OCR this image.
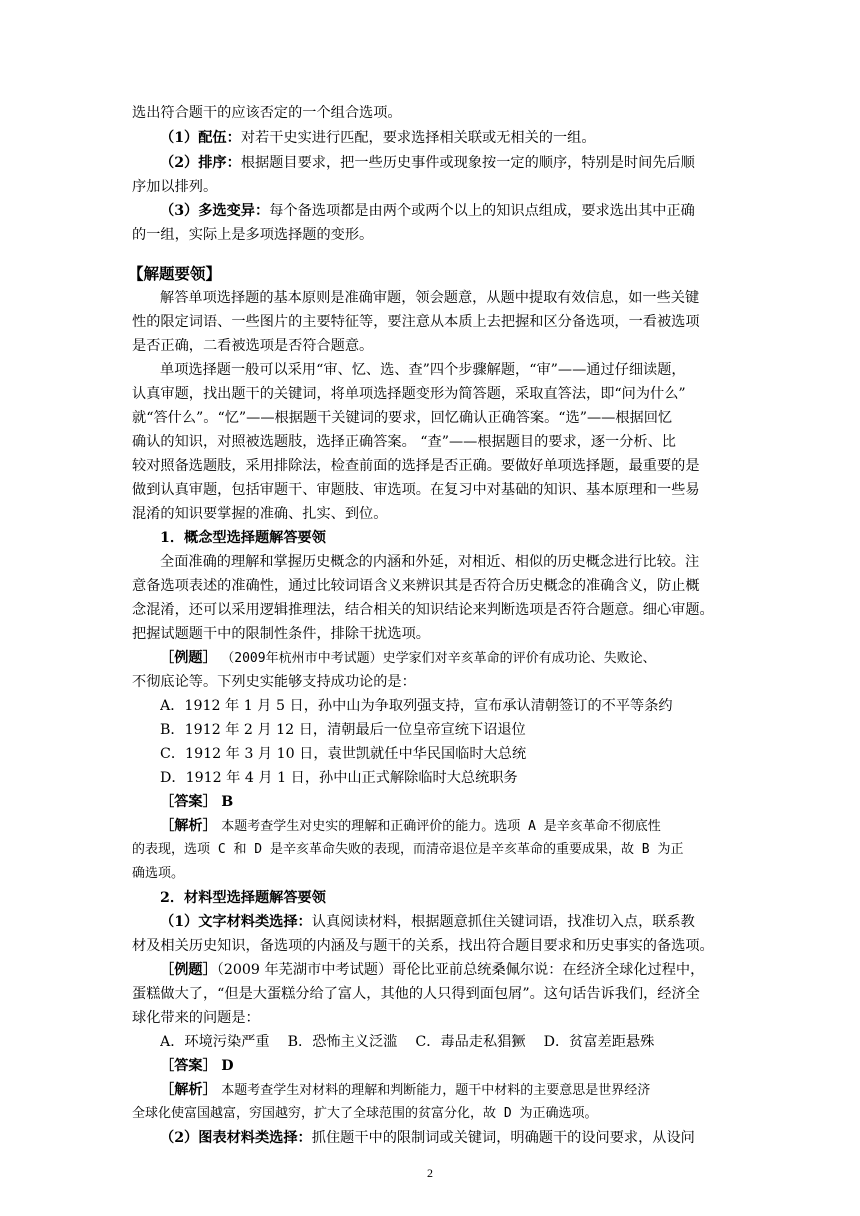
选出符合题干的应该否定的一个组合选项。
（1）配伍：对若干史实进行匹配，要求选择相关联或无相关的一组。
（2）排序：根据题目要求，把一些历史事件或现象按一定的顺序，特别是时间先后顺
序加以排列。
（3）多选变异：每个备选项都是由两个或两个以上的知识点组成，要求选出其中正确
的一组，实际上是多项选择题的变形。
【解题要领】
解答单项选择题的基本原则是准确审题，领会题意，从题中提取有效信息，如一些关键
性的限定词语、一些图片的主要特征等，要注意从本质上去把握和区分备选项，一看被选项
是否正确，二看被选项是否符合题意。
单项选择题一般可以采用“审、忆、选、查”四个步骤解题，“审”——通过仔细读题，
认真审题，找出题干的关键词，将单项选择题变形为简答题，采取直答法，即“问为什么”
就“答什么”。“忆”——根据题干关键词的要求，回忆确认正确答案。“选”——根据回忆
确认的知识，对照被选题肢，选择正确答案。 “查”——根据题目的要求，逐一分析、比
较对照备选题肢，采用排除法，检查前面的选择是否正确。要做好单项选择题，最重要的是
做到认真审题，包括审题干、审题肢、审选项。在复习中对基础的知识、基本原理和一些易
混淆的知识要掌握的准确、扎实、到位。
1．概念型选择题解答要领
全面准确的理解和掌握历史概念的内涵和外延，对相近、相似的历史概念进行比较。注
意备选项表述的准确性，通过比较词语含义来辨识其是否符合历史概念的准确含义，防止概
念混淆，还可以采用逻辑推理法，结合相关的知识结论来判断选项是否符合题意。细心审题。
把握试题题干中的限制性条件，排除干扰选项。
［例题］ （2009年杭州市中考试题）史学家们对辛亥革命的评价有成功论、失败论、
不彻底论等。下列史实能够支持成功论的是：
A．1912 年 1 月 5 日，孙中山为争取列强支持，宣布承认清朝签订的不平等条约
B．1912 年 2 月 12 日，清朝最后一位皇帝宣统下诏退位
C．1912 年 3 月 10 日，袁世凯就任中华民国临时大总统
D．1912 年 4 月 1 日，孙中山正式解除临时大总统职务
［答案］ B
［解析］ 本题考查学生对史实的理解和正确评价的能力。选项 A 是辛亥革命不彻底性
的表现，选项 C 和 D 是辛亥革命失败的表现，而清帝退位是辛亥革命的重要成果，故 B 为正
确选项。
2．材料型选择题解答要领
（1）文字材料类选择：认真阅读材料，根据题意抓住关键词语，找准切入点，联系教
材及相关历史知识，备选项的内涵及与题干的关系，找出符合题目要求和历史事实的备选项。
［例题］（2009 年芜湖市中考试题）哥伦比亚前总统桑佩尔说：在经济全球化过程中，
蛋糕做大了，“但是大蛋糕分给了富人，其他的人只得到面包屑”。这句话告诉我们，经济全
球化带来的问题是：
A．环境污染严重    B．恐怖主义泛滥    C．毒品走私猖獗    D．贫富差距悬殊
［答案］ D
［解析］ 本题考查学生对材料的理解和判断能力，题干中材料的主要意思是世界经济
全球化使富国越富，穷国越穷，扩大了全球范围的贫富分化，故 D 为正确选项。
（2）图表材料类选择：抓住题干中的限制词或关键词，明确题干的设问要求，从设问
2
